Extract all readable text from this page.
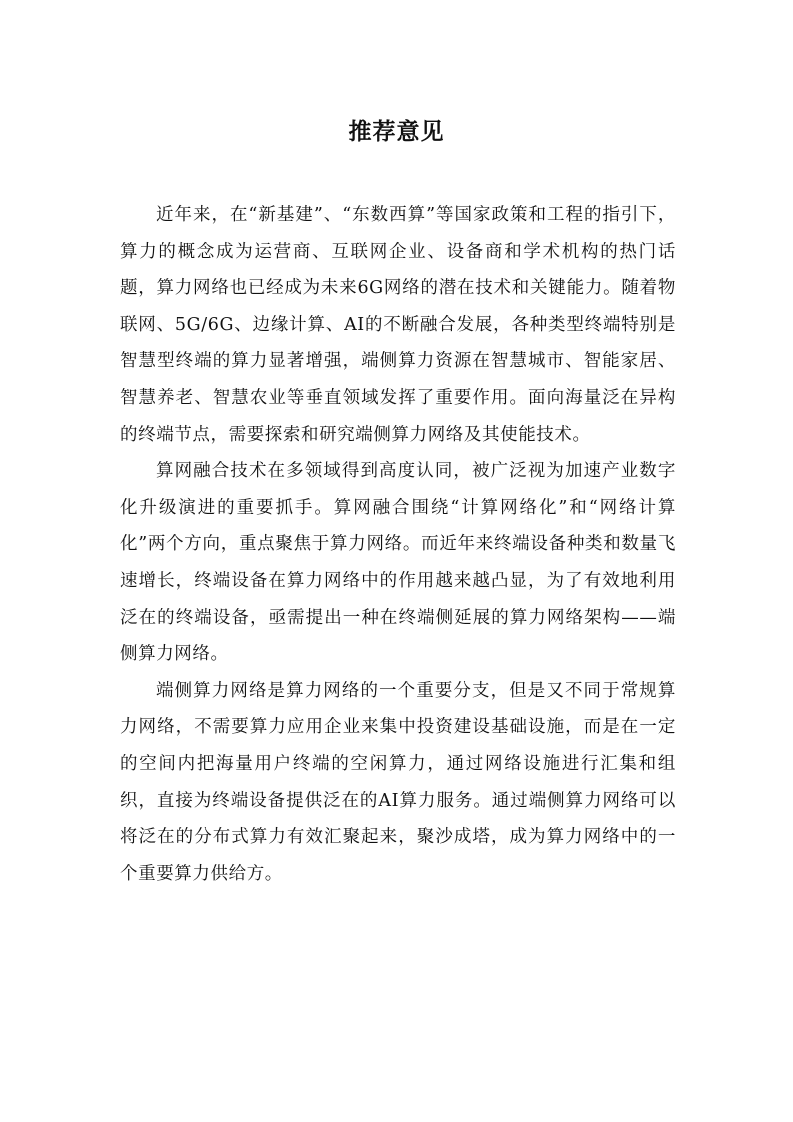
推荐意见

近年来，在“新基建”、“东数西算”等国家政策和工程的指引下，算力的概念成为运营商、互联网企业、设备商和学术机构的热门话题，算力网络也已经成为未来6G网络的潜在技术和关键能力。随着物联网、5G/6G、边缘计算、AI的不断融合发展，各种类型终端特别是智慧型终端的算力显著增强，端侧算力资源在智慧城市、智能家居、智慧养老、智慧农业等垂直领域发挥了重要作用。面向海量泛在异构的终端节点，需要探索和研究端侧算力网络及其使能技术。

算网融合技术在多领域得到高度认同，被广泛视为加速产业数字化升级演进的重要抓手。算网融合围绕“计算网络化”和“网络计算化”两个方向，重点聚焦于算力网络。而近年来终端设备种类和数量飞速增长，终端设备在算力网络中的作用越来越凸显，为了有效地利用泛在的终端设备，亟需提出一种在终端侧延展的算力网络架构——端侧算力网络。

端侧算力网络是算力网络的一个重要分支，但是又不同于常规算力网络，不需要算力应用企业来集中投资建设基础设施，而是在一定的空间内把海量用户终端的空闲算力，通过网络设施进行汇集和组织，直接为终端设备提供泛在的AI算力服务。通过端侧算力网络可以将泛在的分布式算力有效汇聚起来，聚沙成塔，成为算力网络中的一个重要算力供给方。
